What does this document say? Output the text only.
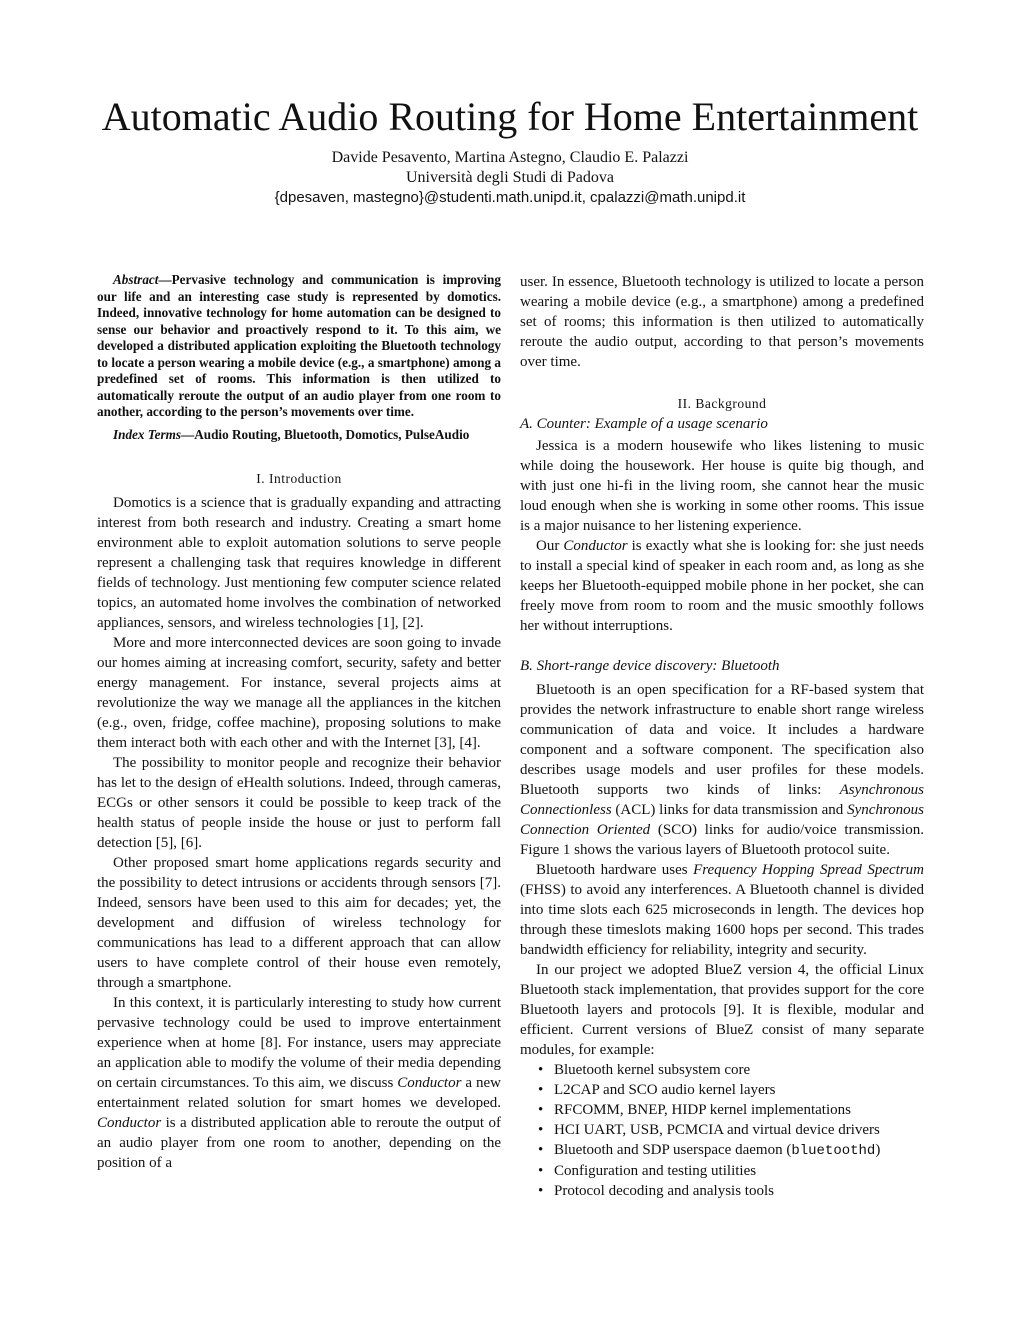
Automatic Audio Routing for Home Entertainment
Davide Pesavento, Martina Astegno, Claudio E. Palazzi
Università degli Studi di Padova
{dpesaven, mastegno}@studenti.math.unipd.it, cpalazzi@math.unipd.it

Abstract—Pervasive technology and communication is improving our life and an interesting case study is represented by domotics. Indeed, innovative technology for home automation can be designed to sense our behavior and proactively respond to it. To this aim, we developed a distributed application exploiting the Bluetooth technology to locate a person wearing a mobile device (e.g., a smartphone) among a predefined set of rooms. This information is then utilized to automatically reroute the output of an audio player from one room to another, according to the person’s movements over time.

Index Terms—Audio Routing, Bluetooth, Domotics, PulseAudio

I. Introduction

Domotics is a science that is gradually expanding and attracting interest from both research and industry. Creating a smart home environment able to exploit automation solutions to serve people represent a challenging task that requires knowledge in different fields of technology. Just mentioning few computer science related topics, an automated home involves the combination of networked appliances, sensors, and wireless technologies [1], [2].

More and more interconnected devices are soon going to invade our homes aiming at increasing comfort, security, safety and better energy management. For instance, several projects aims at revolutionize the way we manage all the appliances in the kitchen (e.g., oven, fridge, coffee machine), proposing solutions to make them interact both with each other and with the Internet [3], [4].

The possibility to monitor people and recognize their behavior has let to the design of eHealth solutions. Indeed, through cameras, ECGs or other sensors it could be possible to keep track of the health status of people inside the house or just to perform fall detection [5], [6].

Other proposed smart home applications regards security and the possibility to detect intrusions or accidents through sensors [7]. Indeed, sensors have been used to this aim for decades; yet, the development and diffusion of wireless technology for communications has lead to a different approach that can allow users to have complete control of their house even remotely, through a smartphone.

In this context, it is particularly interesting to study how current pervasive technology could be used to improve entertainment experience when at home [8]. For instance, users may appreciate an application able to modify the volume of their media depending on certain circumstances. To this aim, we discuss Conductor a new entertainment related solution for smart homes we developed. Conductor is a distributed application able to reroute the output of an audio player from one room to another, depending on the position of a

user. In essence, Bluetooth technology is utilized to locate a person wearing a mobile device (e.g., a smartphone) among a predefined set of rooms; this information is then utilized to automatically reroute the audio output, according to that person’s movements over time.

II. Background
A. Counter: Example of a usage scenario

Jessica is a modern housewife who likes listening to music while doing the housework. Her house is quite big though, and with just one hi-fi in the living room, she cannot hear the music loud enough when she is working in some other rooms. This issue is a major nuisance to her listening experience.

Our Conductor is exactly what she is looking for: she just needs to install a special kind of speaker in each room and, as long as she keeps her Bluetooth-equipped mobile phone in her pocket, she can freely move from room to room and the music smoothly follows her without interruptions.

B. Short-range device discovery: Bluetooth

Bluetooth is an open specification for a RF-based system that provides the network infrastructure to enable short range wireless communication of data and voice. It includes a hardware component and a software component. The specification also describes usage models and user profiles for these models. Bluetooth supports two kinds of links: Asynchronous Connectionless (ACL) links for data transmission and Synchronous Connection Oriented (SCO) links for audio/voice transmission. Figure 1 shows the various layers of Bluetooth protocol suite.

Bluetooth hardware uses Frequency Hopping Spread Spectrum (FHSS) to avoid any interferences. A Bluetooth channel is divided into time slots each 625 microseconds in length. The devices hop through these timeslots making 1600 hops per second. This trades bandwidth efficiency for reliability, integrity and security.

In our project we adopted BlueZ version 4, the official Linux Bluetooth stack implementation, that provides support for the core Bluetooth layers and protocols [9]. It is flexible, modular and efficient. Current versions of BlueZ consist of many separate modules, for example:

• Bluetooth kernel subsystem core
• L2CAP and SCO audio kernel layers
• RFCOMM, BNEP, HIDP kernel implementations
• HCI UART, USB, PCMCIA and virtual device drivers
• Bluetooth and SDP userspace daemon (bluetoothd)
• Configuration and testing utilities
• Protocol decoding and analysis tools
